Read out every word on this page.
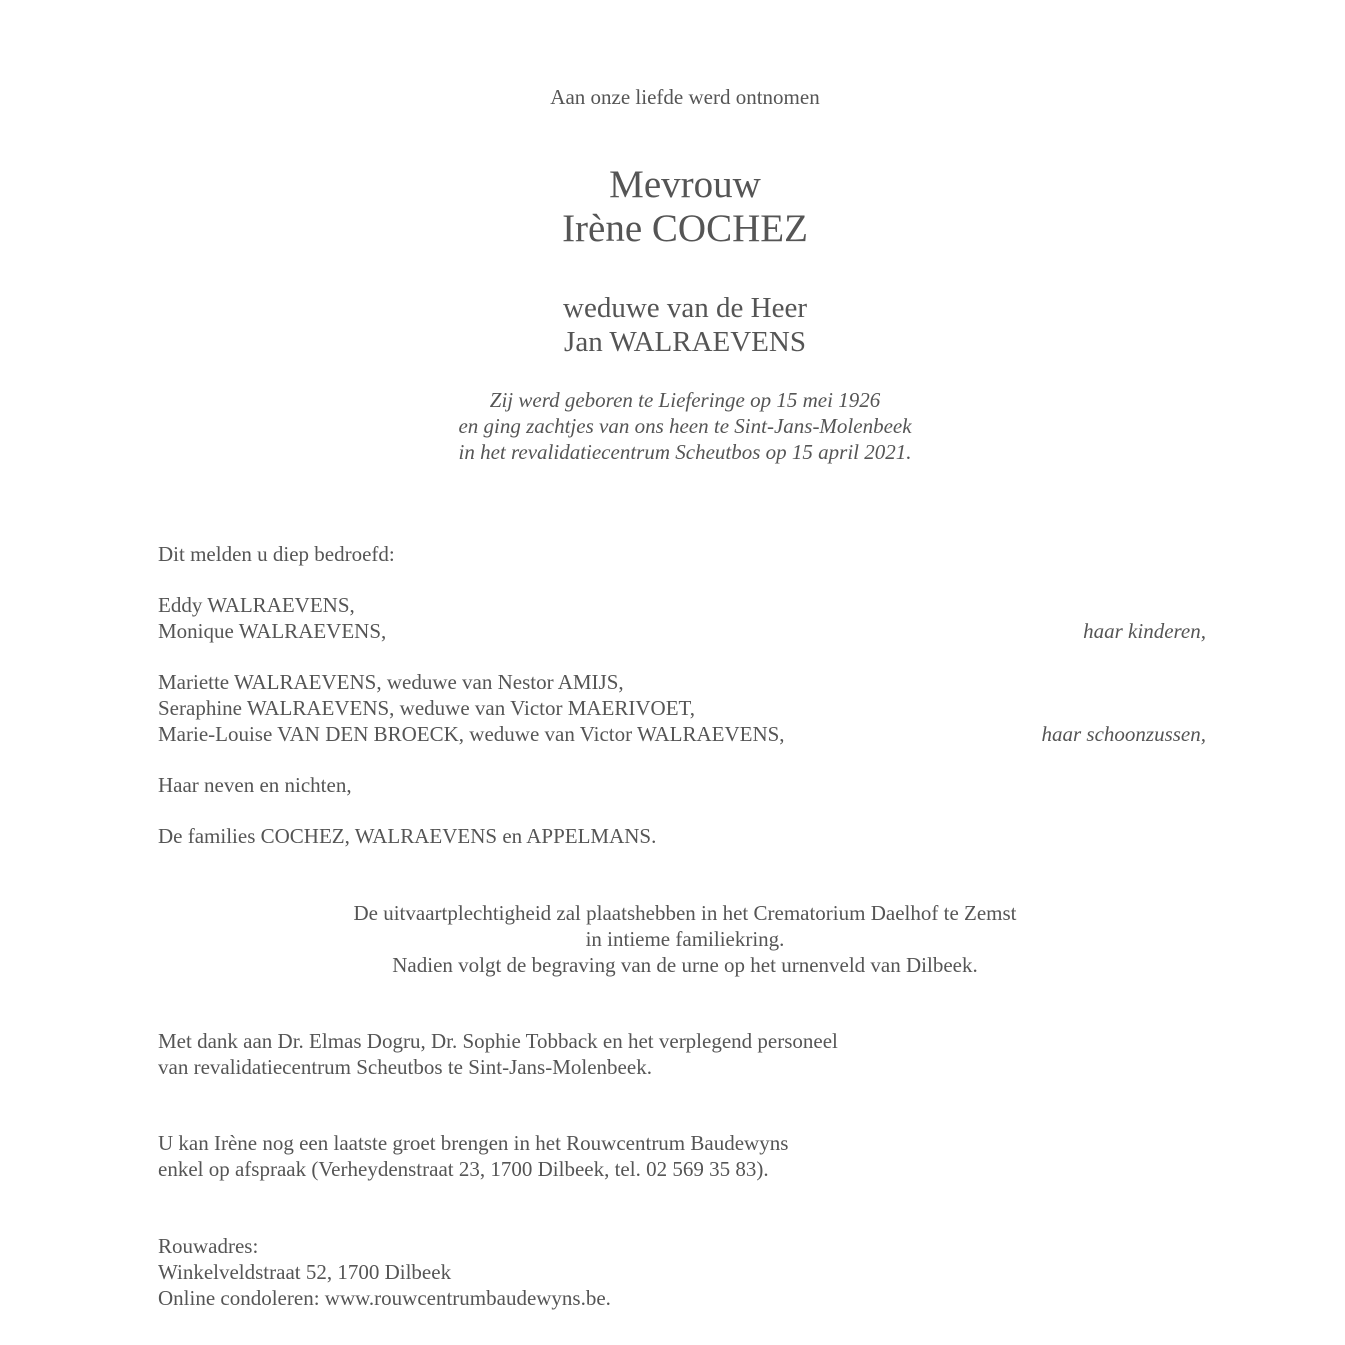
Aan onze liefde werd ontnomen
Mevrouw
Irène COCHEZ
weduwe van de Heer
Jan WALRAEVENS
Zij werd geboren te Lieferinge op 15 mei 1926
en ging zachtjes van ons heen te Sint-Jans-Molenbeek
in het revalidatiecentrum Scheutbos op 15 april 2021.
Dit melden u diep bedroefd:
Eddy WALRAEVENS,
Monique WALRAEVENS,	haar kinderen,
Mariette WALRAEVENS, weduwe van Nestor AMIJS,
Seraphine WALRAEVENS, weduwe van Victor MAERIVOET,
Marie-Louise VAN DEN BROECK, weduwe van Victor WALRAEVENS,	haar schoonzussen,
Haar neven en nichten,
De families COCHEZ, WALRAEVENS en APPELMANS.
De uitvaartplechtigheid zal plaatshebben in het Crematorium Daelhof te Zemst
in intieme familiekring.
Nadien volgt de begraving van de urne op het urnenveld van Dilbeek.
Met dank aan Dr. Elmas Dogru, Dr. Sophie Tobback en het verplegend personeel
van revalidatiecentrum Scheutbos te Sint-Jans-Molenbeek.
U kan Irène nog een laatste groet brengen in het Rouwcentrum Baudewyns
enkel op afspraak (Verheydenstraat 23, 1700 Dilbeek, tel. 02 569 35 83).
Rouwadres:
Winkelveldstraat 52, 1700 Dilbeek
Online condoleren: www.rouwcentrumbaudewyns.be.
